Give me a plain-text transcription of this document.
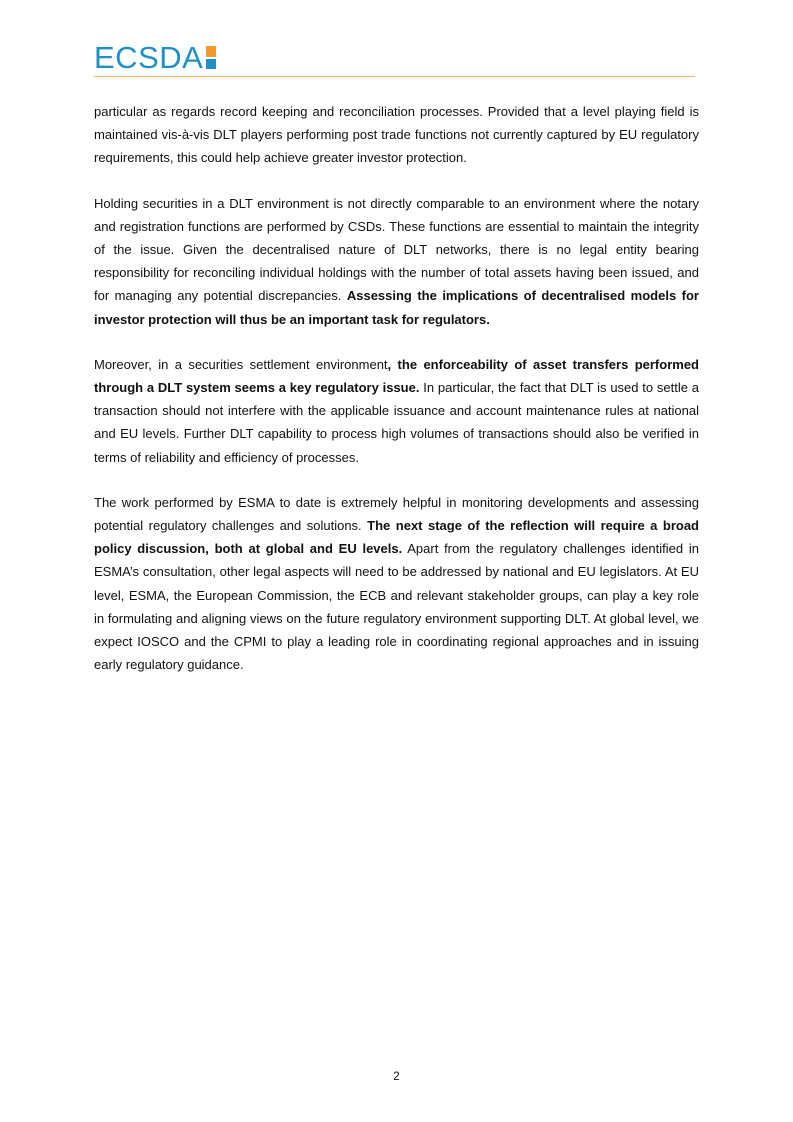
ECSDA

particular as regards record keeping and reconciliation processes. Provided that a level playing field is maintained vis-à-vis DLT players performing post trade functions not currently captured by EU regulatory requirements, this could help achieve greater investor protection.

Holding securities in a DLT environment is not directly comparable to an environment where the notary and registration functions are performed by CSDs. These functions are essential to maintain the integrity of the issue. Given the decentralised nature of DLT networks, there is no legal entity bearing responsibility for reconciling individual holdings with the number of total assets having been issued, and for managing any potential discrepancies. Assessing the implications of decentralised models for investor protection will thus be an important task for regulators.

Moreover, in a securities settlement environment, the enforceability of asset transfers performed through a DLT system seems a key regulatory issue. In particular, the fact that DLT is used to settle a transaction should not interfere with the applicable issuance and account maintenance rules at national and EU levels. Further DLT capability to process high volumes of transactions should also be verified in terms of reliability and efficiency of processes.

The work performed by ESMA to date is extremely helpful in monitoring developments and assessing potential regulatory challenges and solutions. The next stage of the reflection will require a broad policy discussion, both at global and EU levels. Apart from the regulatory challenges identified in ESMA’s consultation, other legal aspects will need to be addressed by national and EU legislators. At EU level, ESMA, the European Commission, the ECB and relevant stakeholder groups, can play a key role in formulating and aligning views on the future regulatory environment supporting DLT. At global level, we expect IOSCO and the CPMI to play a leading role in coordinating regional approaches and in issuing early regulatory guidance.

2
